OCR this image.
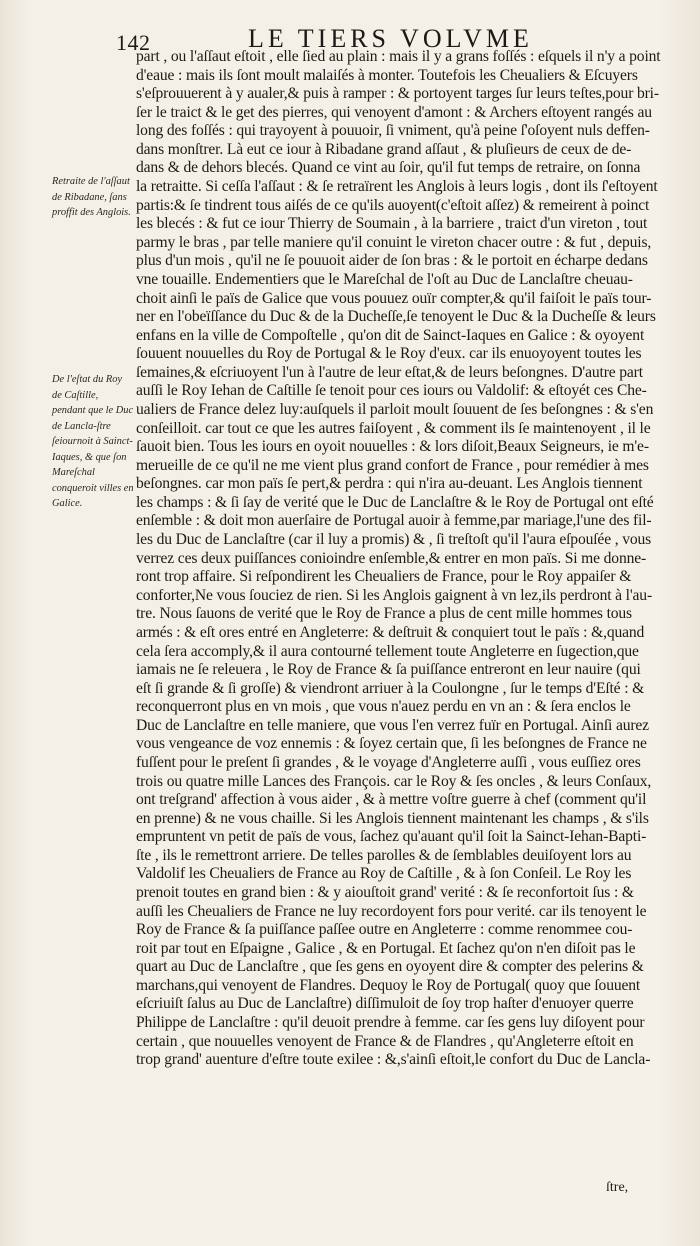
142	LE TIERS VOLVME
Retraite de l'aſſaut de Ribadane, ſans proffit des Anglois.
De l'eſtat du Roy de Caſtille, pendant que le Duc de Lancla-ſtre ſeiournoit à Sainct-Iaques, & que ſon Mareſchal conqueroit villes en Galice.
part , ou l'aſſaut eſtoit , elle ſied au plain : mais il y a grans foſſés : eſquels il n'y a point
d'eaue : mais ils ſont moult malaiſés à monter. Toutefois les Cheualiers & Eſcuyers
s'eſprouuerent à y aualer,& puis à ramper : & portoyent targes ſur leurs teſtes,pour bri-
ſer le traict & le get des pierres, qui venoyent d'amont : & Archers eſtoyent rangés au
long des foſſés : qui trayoyent à pouuoir, ſi vniment, qu'à peine ſ'oſoyent nuls deffen-
dans monſtrer. Là eut ce iour à Ribadane grand aſſaut , & pluſieurs de ceux de de-
dans & de dehors blecés. Quand ce vint au ſoir, qu'il fut temps de retraire, on ſonna
la retraitte. Si ceſſa l'aſſaut : & ſe retraïrent les Anglois à leurs logis , dont ils ſ'eſtoyent
partis:& ſe tindrent tous aiſés de ce qu'ils auoyent(c'eſtoit aſſez) & remeirent à poinct
les blecés : & fut ce iour Thierry de Soumain , à la barriere , traict d'un vireton , tout
parmy le bras , par telle maniere qu'il conuint le vireton chacer outre : & fut , depuis,
plus d'un mois , qu'il ne ſe pouuoit aider de ſon bras : & le portoit en écharpe dedans
vne touaille. Endementiers que le Mareſchal de l'oſt au Duc de Lanclaſtre cheuau-
choit ainſi le païs de Galice que vous pouuez ouïr compter,& qu'il faiſoit le païs tour-
ner en l'obeïſſance du Duc & de la Ducheſſe,ſe tenoyent le Duc & la Ducheſſe & leurs
enfans en la ville de Compoſtelle , qu'on dit de Sainct-Iaques en Galice : & oyoyent
ſouuent nouuelles du Roy de Portugal & le Roy d'eux. car ils enuoyoyent toutes les
ſemaines,& eſcriuoyent l'un à l'autre de leur eſtat,& de leurs beſongnes. D'autre part
auſſi le Roy Iehan de Caſtille ſe tenoit pour ces iours ou Valdolif: & eſtoyét ces Che-
ualiers de France delez luy:auſquels il parloit moult ſouuent de ſes beſongnes : & s'en
conſeilloit. car tout ce que les autres faiſoyent , & comment ils ſe maintenoyent , il le
ſauoit bien. Tous les iours en oyoit nouuelles : & lors diſoit,Beaux Seigneurs, ie m'e-
merueille de ce qu'il ne me vient plus grand confort de France , pour remédier à mes
beſongnes. car mon païs ſe pert,& perdra : qui n'ira au-deuant. Les Anglois tiennent
les champs : & ſi ſay de verité que le Duc de Lanclaſtre & le Roy de Portugal ont eſté
enſemble : & doit mon auerſaire de Portugal auoir à femme,par mariage,l'une des fil-
les du Duc de Lanclaſtre (car il luy a promis) & , ſi treſtoſt qu'il l'aura eſpouſée , vous
verrez ces deux puiſſances conioindre enſemble,& entrer en mon païs. Si me donne-
ront trop affaire. Si reſpondirent les Cheualiers de France, pour le Roy appaiſer &
conforter,Ne vous ſouciez de rien. Si les Anglois gaignent à vn lez,ils perdront à l'au-
tre. Nous ſauons de verité que le Roy de France a plus de cent mille hommes tous
armés : & eſt ores entré en Angleterre: & deſtruit & conquiert tout le païs : &,quand
cela ſera accomply,& il aura contourné tellement toute Angleterre en ſugection,que
iamais ne ſe releuera , le Roy de France & ſa puiſſance entreront en leur nauire (qui
eſt ſi grande & ſi groſſe) & viendront arriuer à la Coulongne , ſur le temps d'Eſté : &
reconquerront plus en vn mois , que vous n'auez perdu en vn an : & ſera enclos le
Duc de Lanclaſtre en telle maniere, que vous l'en verrez fuïr en Portugal. Ainſi aurez
vous vengeance de voz ennemis : & ſoyez certain que, ſi les beſongnes de France ne
fuſſent pour le preſent ſi grandes , & le voyage d'Angleterre auſſi , vous euſſiez ores
trois ou quatre mille Lances des François. car le Roy & ſes oncles , & leurs Conſaux,
ont treſgrand' affection à vous aider , & à mettre voſtre guerre à chef (comment qu'il
en prenne) & ne vous chaille. Si les Anglois tiennent maintenant les champs , & s'ils
empruntent vn petit de païs de vous, ſachez qu'auant qu'il ſoit la Sainct-Iehan-Bapti-
ſte , ils le remettront arriere. De telles parolles & de ſemblables deuiſoyent lors au
Valdolif les Cheualiers de France au Roy de Caſtille , & à ſon Conſeil. Le Roy les
prenoit toutes en grand bien : & y aiouſtoit grand' verité : & ſe reconfortoit ſus : &
auſſi les Cheualiers de France ne luy recordoyent fors pour verité. car ils tenoyent le
Roy de France & ſa puiſſance paſſee outre en Angleterre : comme renommee cou-
roit par tout en Eſpaigne , Galice , & en Portugal. Et ſachez qu'on n'en diſoit pas le
quart au Duc de Lanclaſtre , que ſes gens en oyoyent dire & compter des pelerins &
marchans,qui venoyent de Flandres. Dequoy le Roy de Portugal( quoy que ſouuent
eſcriuiſt ſalus au Duc de Lanclaſtre) diſſimuloit de ſoy trop haſter d'enuoyer querre
Philippe de Lanclaſtre : qu'il deuoit prendre à femme. car ſes gens luy diſoyent pour
certain , que nouuelles venoyent de France & de Flandres , qu'Angleterre eſtoit en
trop grand' auenture d'eſtre toute exilee : &,s'ainſi eſtoit,le confort du Duc de Lancla-
ſtre,
